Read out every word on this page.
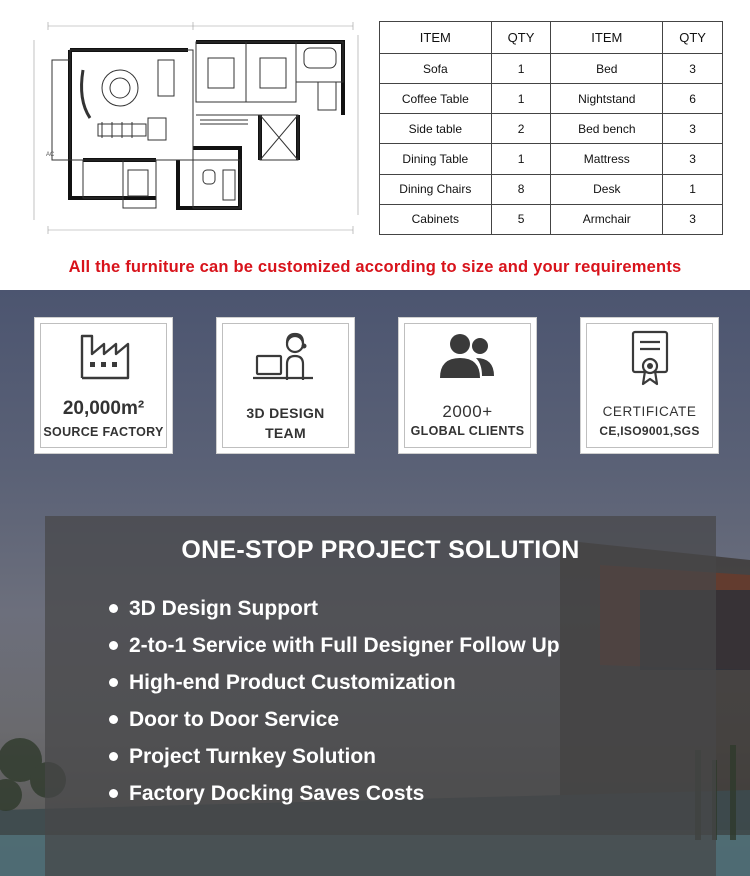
AC
ITEM	QTY	ITEM	QTY
Sofa	1	Bed	3
Coffee Table	1	Nightstand	6
Side table	2	Bed bench	3
Dining Table	1	Mattress	3
Dining Chairs	8	Desk	1
Cabinets	5	Armchair	3
All the furniture can be customized according to size and your requirements
20,000m²
SOURCE FACTORY
3D DESIGN
TEAM
2000+
GLOBAL CLIENTS
CERTIFICATE
CE,ISO9001,SGS
ONE-STOP PROJECT SOLUTION
3D Design Support
2-to-1 Service with Full Designer Follow Up
High-end Product Customization
Door to Door Service
Project Turnkey Solution
Factory Docking Saves Costs
